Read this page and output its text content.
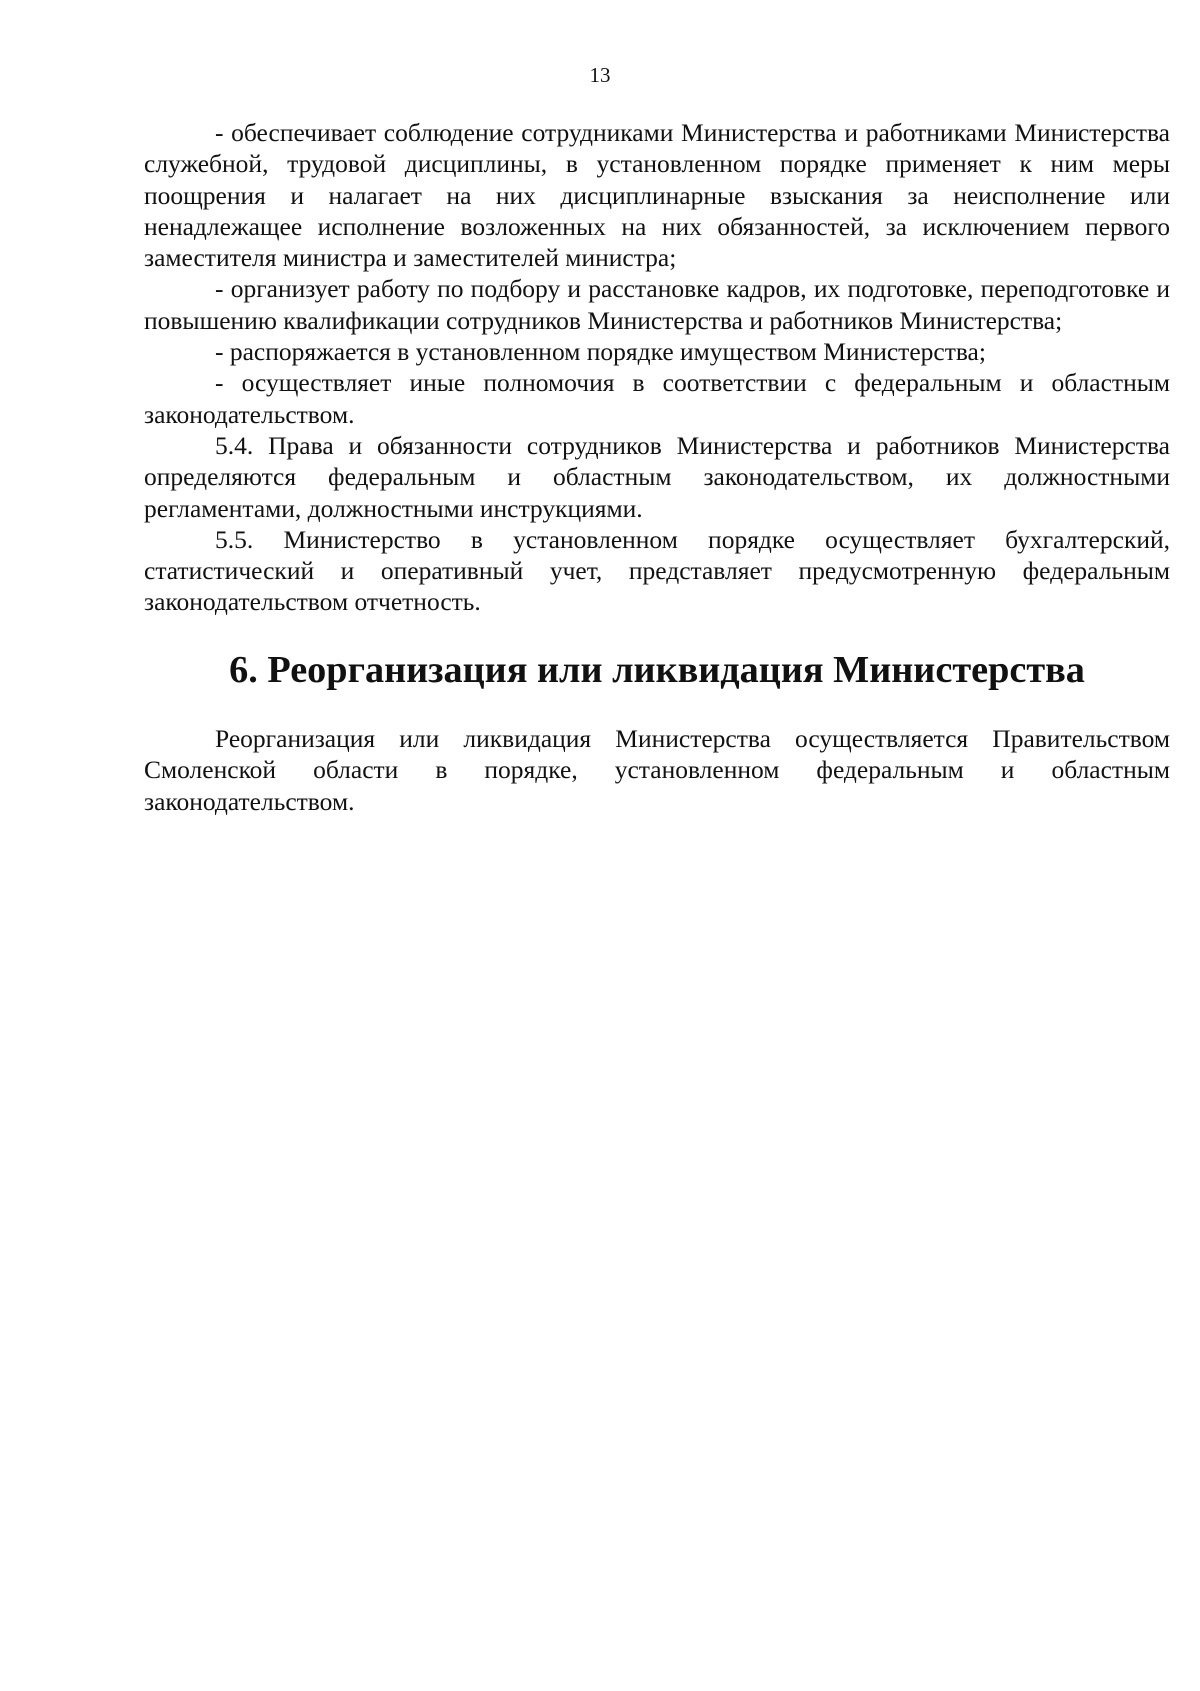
13

- обеспечивает соблюдение сотрудниками Министерства и работниками Министерства служебной, трудовой дисциплины, в установленном порядке применяет к ним меры поощрения и налагает на них дисциплинарные взыскания за неисполнение или ненадлежащее исполнение возложенных на них обязанностей, за исключением первого заместителя министра и заместителей министра;

- организует работу по подбору и расстановке кадров, их подготовке, переподготовке и повышению квалификации сотрудников Министерства и работников Министерства;

- распоряжается в установленном порядке имуществом Министерства;

- осуществляет иные полномочия в соответствии с федеральным и областным законодательством.

5.4. Права и обязанности сотрудников Министерства и работников Министерства определяются федеральным и областным законодательством, их должностными регламентами, должностными инструкциями.

5.5. Министерство в установленном порядке осуществляет бухгалтерский, статистический и оперативный учет, представляет предусмотренную федеральным законодательством отчетность.

6. Реорганизация или ликвидация Министерства

Реорганизация или ликвидация Министерства осуществляется Правительством Смоленской области в порядке, установленном федеральным и областным законодательством.
